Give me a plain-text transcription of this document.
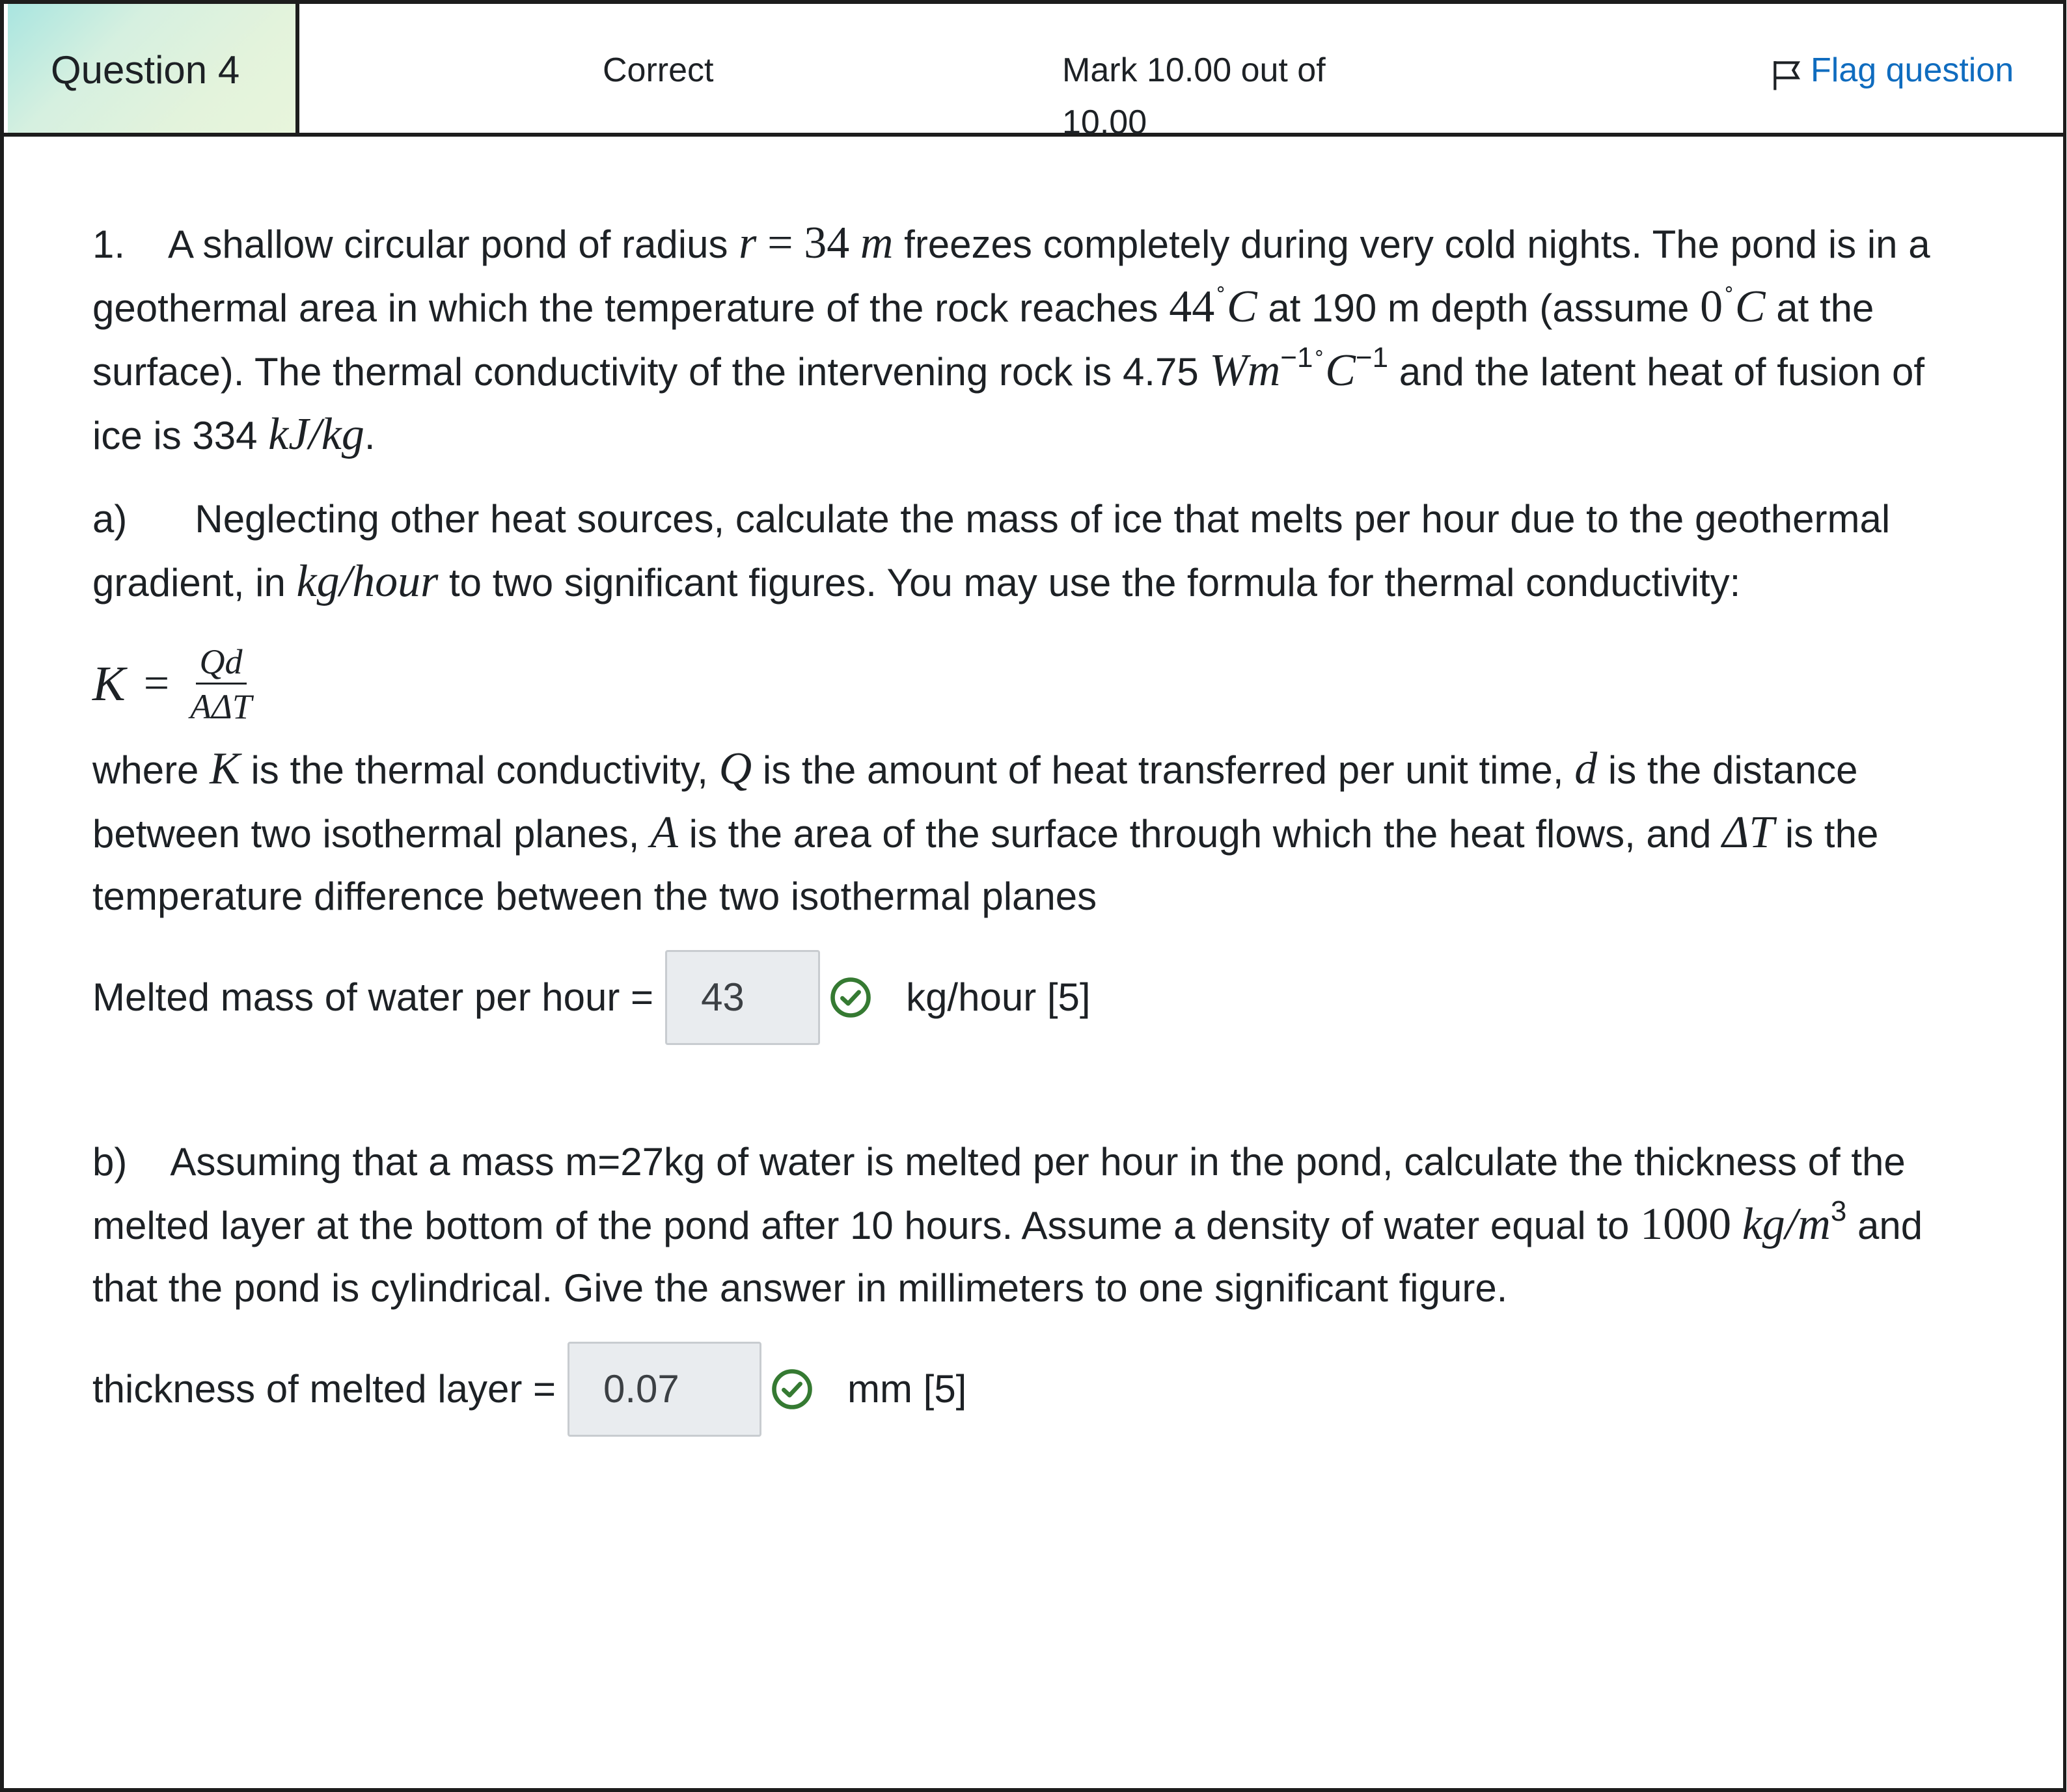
Question 4	Correct	Mark 10.00 out of 10.00
Flag question

1. A shallow circular pond of radius r = 34 m freezes completely during very cold nights. The pond is in a geothermal area in which the temperature of the rock reaches 44∘C at 190 m depth (assume 0∘C at the surface). The thermal conductivity of the intervening rock is 4.75 $Wm^{-1\circ}C^{-1}$ and the latent heat of fusion of ice is 334 kJ/kg.

a) Neglecting other heat sources, calculate the mass of ice that melts per hour due to the geothermal gradient, in kg/hour to two significant figures. You may use the formula for thermal conductivity:

$K = \frac{Qd}{\text{AΔT}}$

where K is the thermal conductivity, Q is the amount of heat transferred per unit time, d is the distance between two isothermal planes, A is the area of the surface through which the heat flows, and ΔT is the temperature difference between the two isothermal planes

Melted mass of water per hour =	43	kg/hour [5]

b) Assuming that a mass m=27kg of water is melted per hour in the pond, calculate the thickness of the melted layer at the bottom of the pond after 10 hours. Assume a density of water equal to 1000 $kg/m^3$ and that the pond is cylindrical. Give the answer in millimeters to one significant figure.

thickness of melted layer =	0.07	mm [5]
